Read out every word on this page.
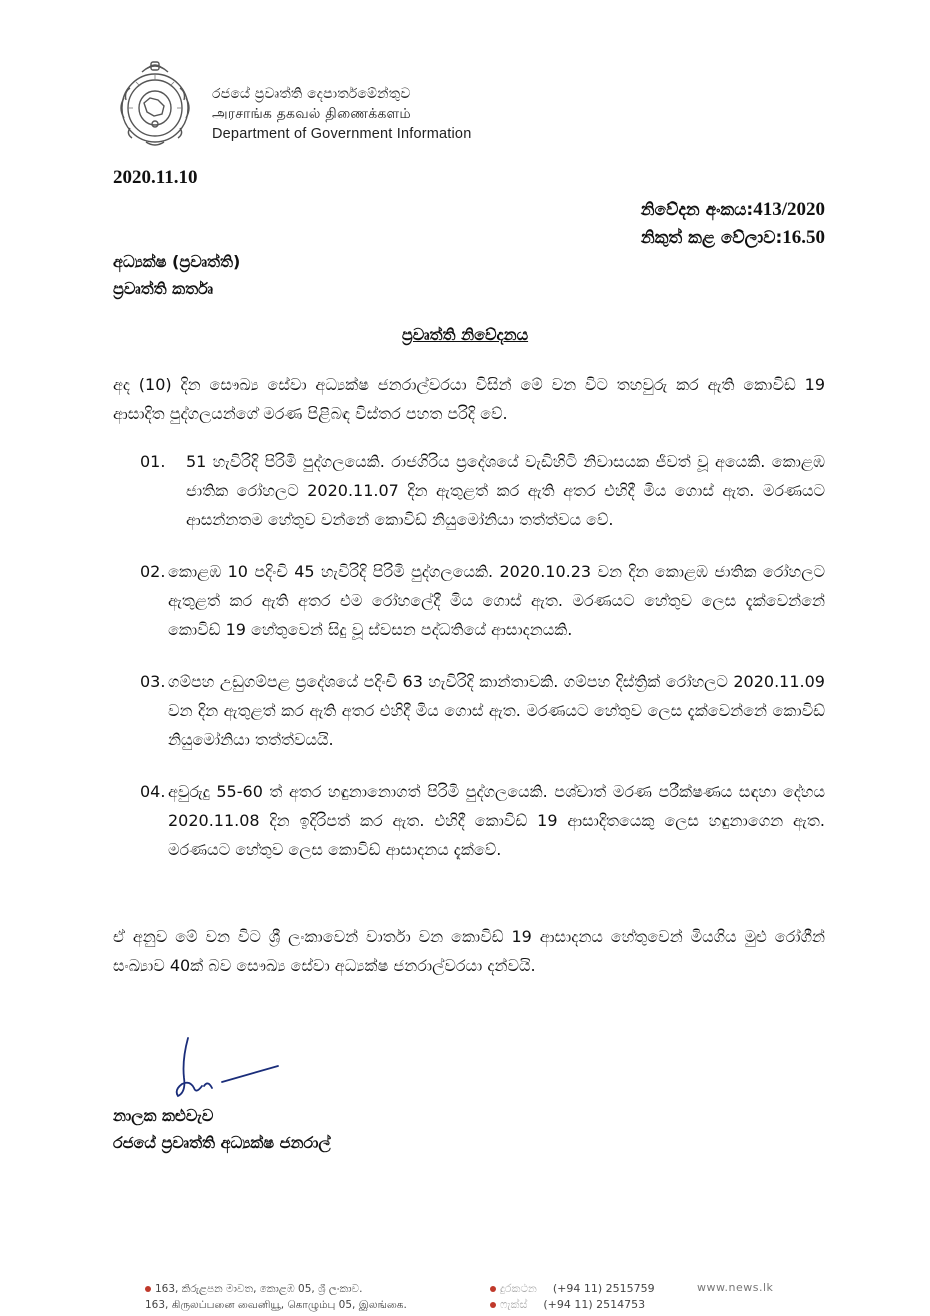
රජයේ ප්‍රවෘත්ති දෙපාර්තමේන්තුව
அரசாங்க தகவல் திணைக்களம்
Department of Government Information
2020.11.10
නිවේදන අංකය:413/2020
නිකුත් කළ වේලාව:16.50
අධ්‍යක්ෂ (ප්‍රවෘත්ති)
ප්‍රවෘත්ති කර්තෘ
ප්‍රවෘත්ති නිවේදනය
අද (10) දින සෞඛ්‍ය සේවා අධ්‍යක්ෂ ජනරාල්වරයා විසින් මේ වන විට තහවුරු කර ඇති කොවිඩ් 19 ආසාදිත පුද්ගලයන්ගේ මරණ පිළිබඳ විස්තර පහත පරිදි වේ.
01.	51 හැවිරිදි පිරිමි පුද්ගලයෙකි. රාජගිරිය ප්‍රදේශයේ වැඩිහිටි නිවාසයක ජීවත් වූ අයෙකි. කොළඹ ජාතික රෝහලට 2020.11.07 දින ඇතුළත් කර ඇති අතර එහිදී මිය ගොස් ඇත. මරණයට ආසන්නතම හේතුව වන්නේ කොවිඩ් නියුමෝනියා තත්ත්වය වේ.
02. කොළඹ 10 පදිංචි 45 හැවිරිදි පිරිමි පුද්ගලයෙකි. 2020.10.23 වන දින කොළඹ ජාතික රෝහලට ඇතුළත් කර ඇති අතර එම රෝහලේදී මිය ගොස් ඇත. මරණයට හේතුව ලෙස දැක්වෙන්නේ කොවිඩ් 19 හේතුවෙන් සිදු වූ ස්වසන පද්ධතියේ ආසාදනයකි.
03. ගම්පහ උඩුගම්පළ ප්‍රදේශයේ පදිංචි 63 හැවිරිදි කාන්තාවකි. ගම්පහ දිස්ත්‍රික් රෝහලට 2020.11.09 වන දින ඇතුළත් කර ඇති අතර එහිදී මිය ගොස් ඇත. මරණයට හේතුව ලෙස දැක්වෙන්නේ කොවිඩ් නියුමෝනියා තත්ත්වයයි.
04. අවුරුදු 55-60 ත් අතර හඳුනානොගත් පිරිමි පුද්ගලයෙකි. පශ්චාත් මරණ පරීක්ෂණය සඳහා දේහය 2020.11.08 දින ඉදිරිපත් කර ඇත. එහිදී කොවිඩ් 19 ආසාදිතයෙකු ලෙස හඳුනාගෙන ඇත. මරණයට හේතුව ලෙස කොවිඩ් ආසාදනය දැක්වේ.
ඒ අනුව මේ වන විට ශ්‍රී ලංකාවෙන් වාර්තා වන කොවිඩ් 19 ආසාදනය හේතුවෙන් මියගිය මුළු රෝගීන් සංඛ්‍යාව 40ක් බව සෞඛ්‍ය සේවා අධ්‍යක්ෂ ජනරාල්වරයා දන්වයි.
නාලක කළුවැව
රජයේ ප්‍රවෘත්ති අධ්‍යක්ෂ ජනරාල්
163, කිරුළපන මාවත, කොළඹ 05, ශ්‍රී ලංකාව.
163, கிருலப்பனை வைனியூ, கொழும்பு 05, இலங்கை.
දුරකථන (+94 11) 2515759
ෆැක්ස් (+94 11) 2514753
www.news.lk
